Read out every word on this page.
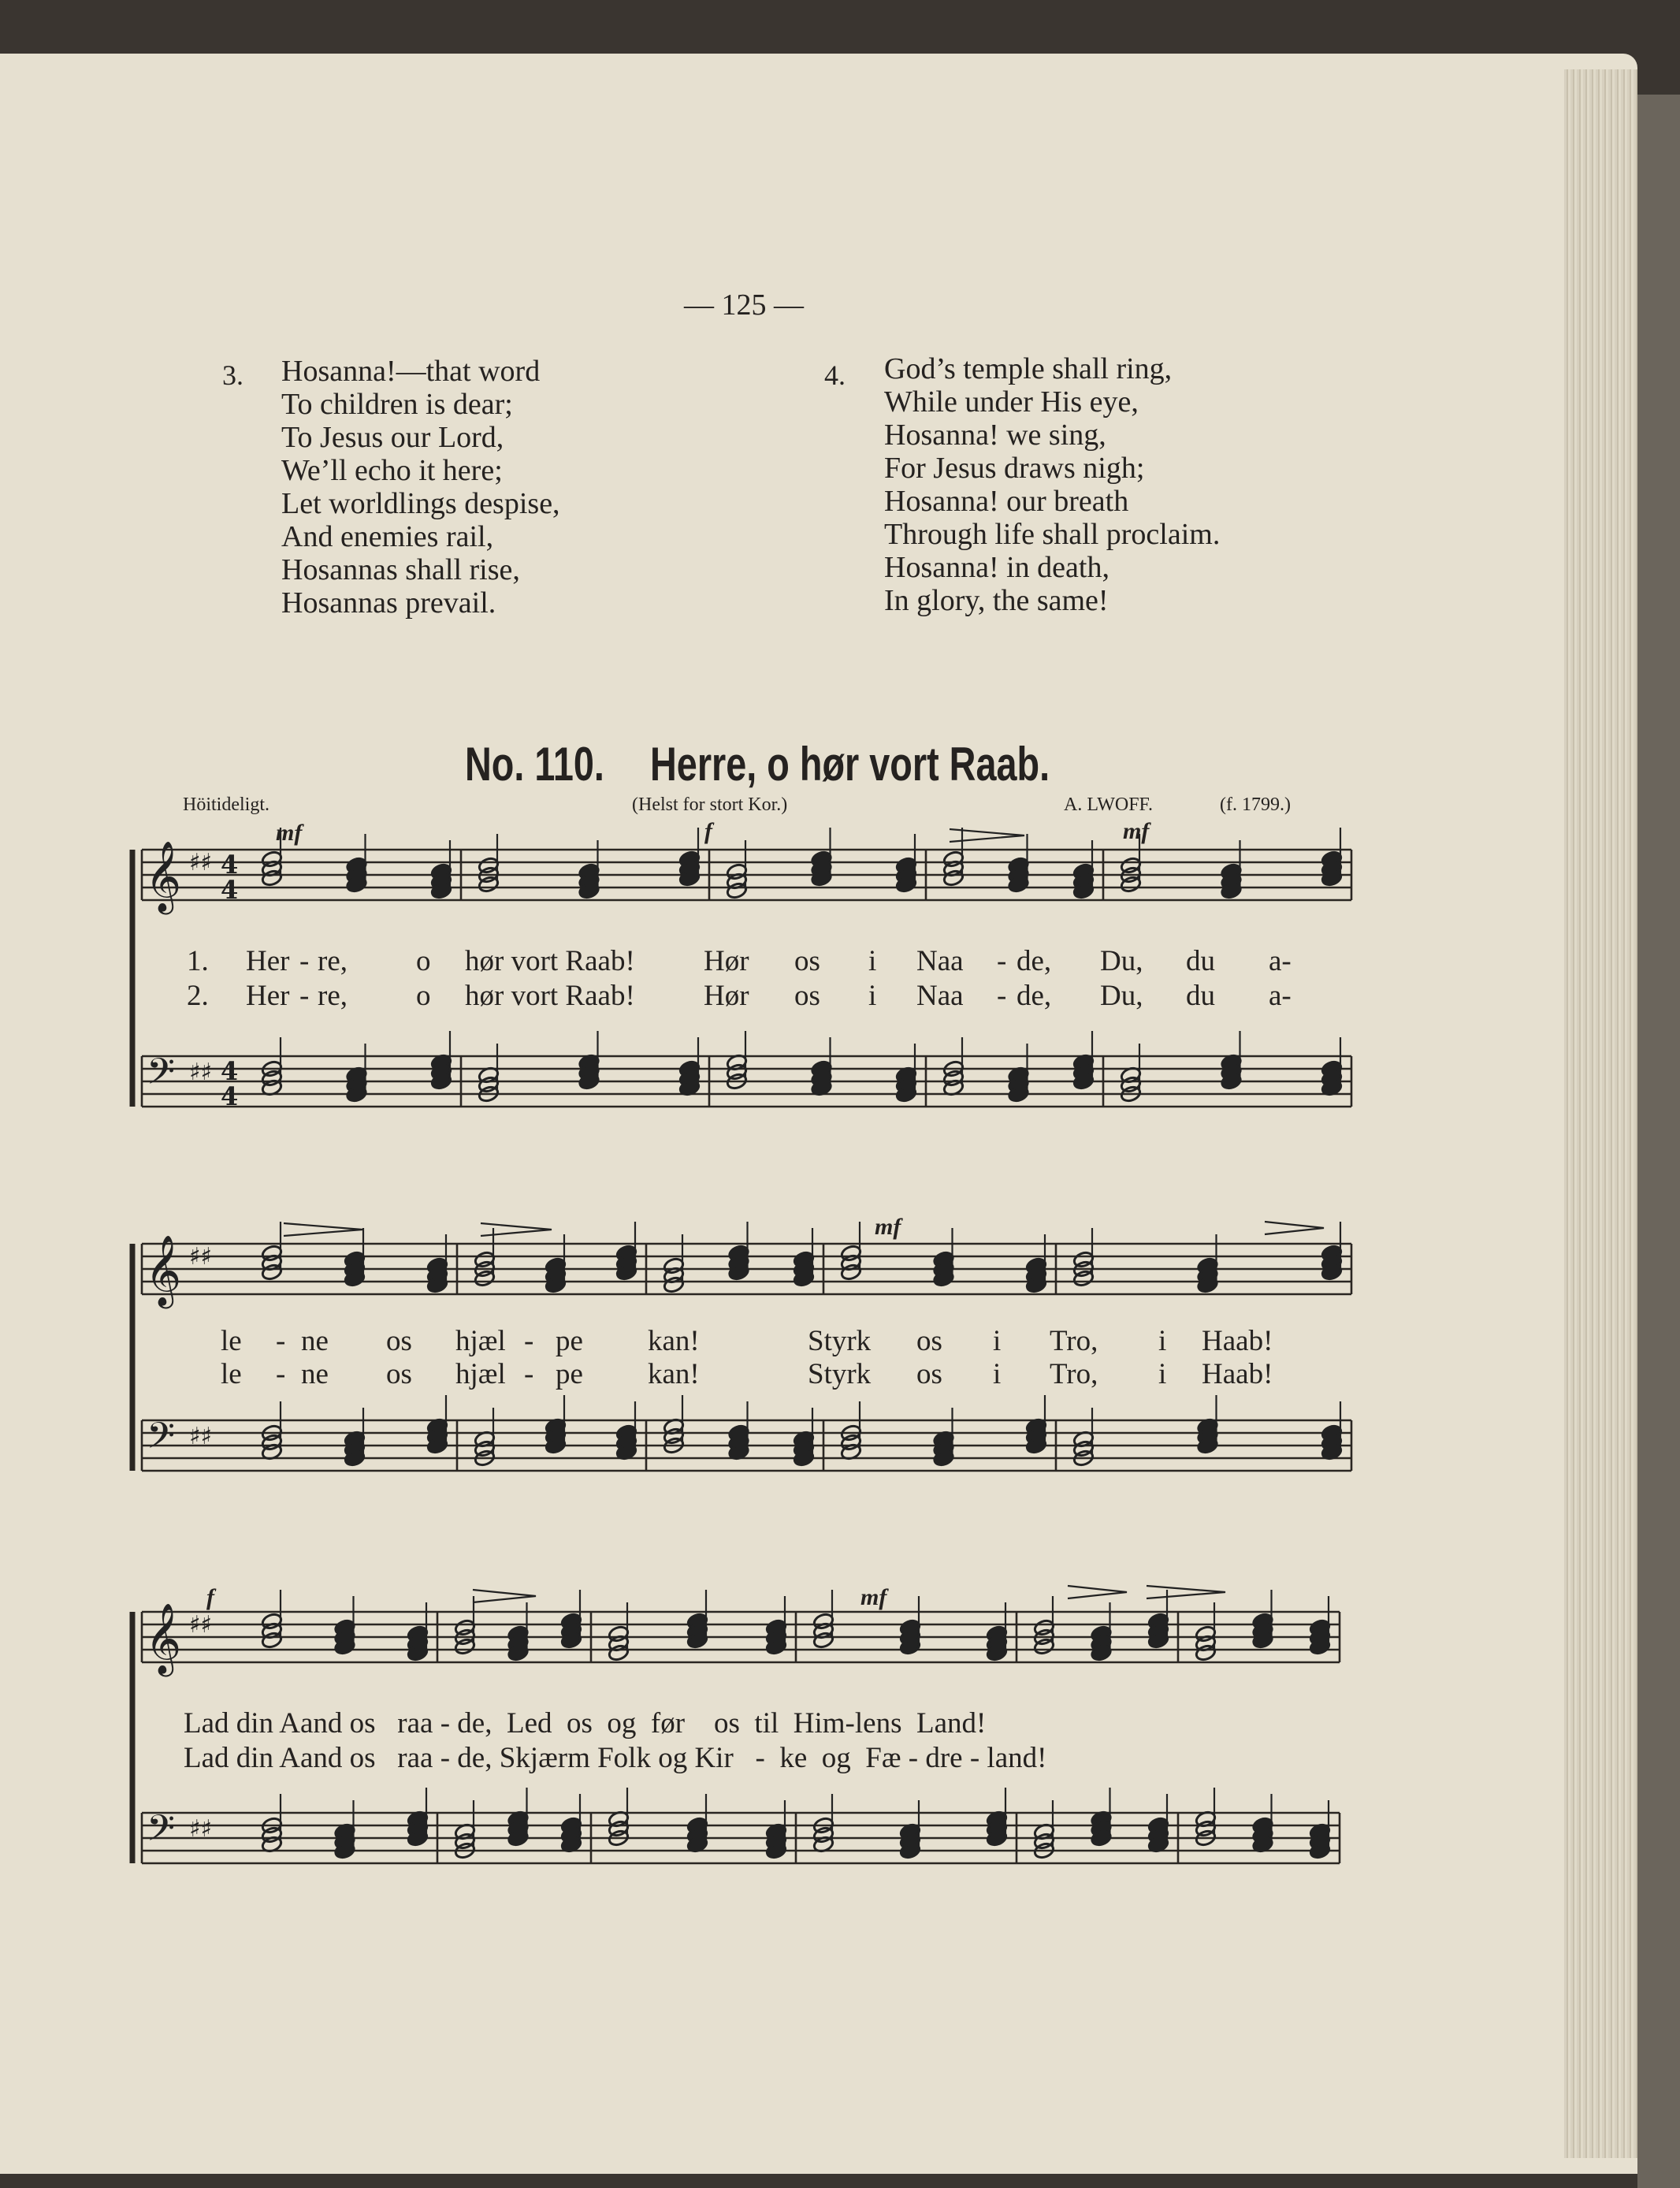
— 125 —
3. Hosanna!—that word
To children is dear;
To Jesus our Lord,
We’ll echo it here;
Let worldlings despise,
And enemies rail,
Hosannas shall rise,
Hosannas prevail.
4. God’s temple shall ring,
While under His eye,
Hosanna! we sing,
For Jesus draws nigh;
Hosanna! our breath
Through life shall proclaim.
Hosanna! in death,
In glory, the same!
No. 110. Herre, o hør vort Raab.
Höitideligt.	(Helst for stort Kor.)	A. LWOFF.	(f. 1799.)
mf	f	mf
mf
f	mf
1.
2.
Her - re, o hør vort Raab! Hør os i Naa - de, Du, du a-
Her - re, o hør vort Raab! Hør os i Naa - de, Du, du a-
le - ne os hjæl - pe kan!	Styrk os i Tro, i Haab!
le - ne os hjæl - pe kan!	Styrk os i Tro, i Haab!
Lad din Aand os   raa - de,  Led  os  og  før    os  til  Him-lens  Land!
Lad din Aand os   raa - de, Skjærm Folk og Kir   -  ke  og  Fæ - dre - land!
𝄞
𝄢
♯♯
♯♯
4
4
4
4
𝄞
𝄢
♯♯
♯♯
𝄞
𝄢
♯♯
♯♯
